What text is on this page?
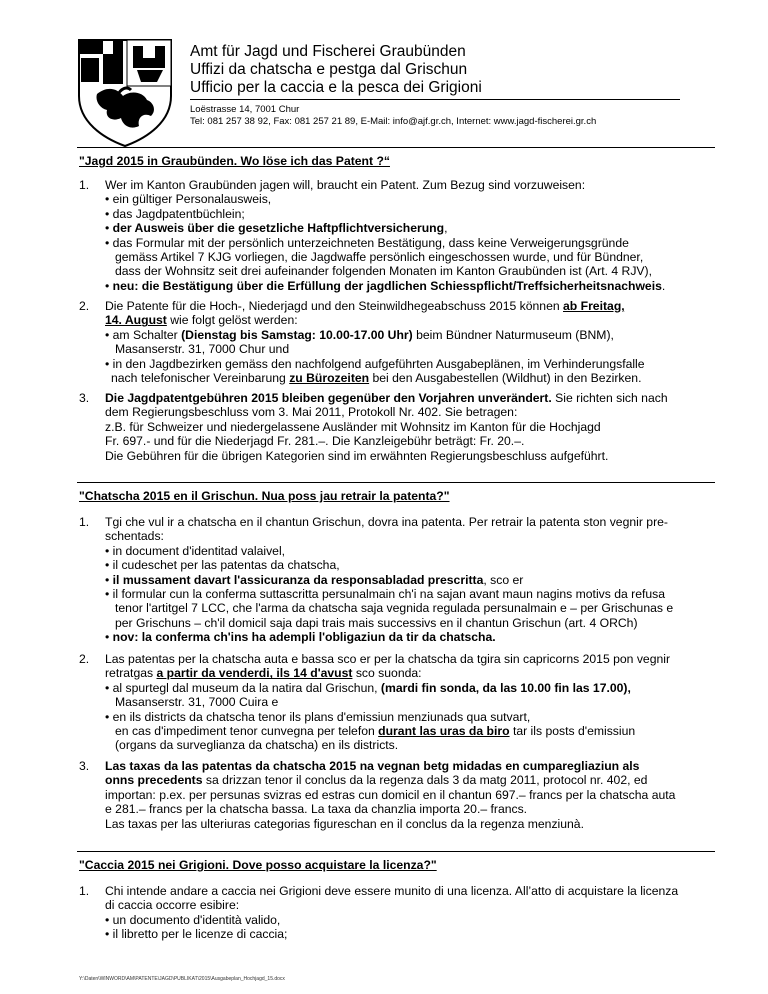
Amt für Jagd und Fischerei Graubünden
Uffizi da chatscha e pestga dal Grischun
Ufficio per la caccia e la pesca dei Grigioni
Loëstrasse 14, 7001 Chur
Tel: 081 257 38 92, Fax: 081 257 21 89, E-Mail: info@ajf.gr.ch, Internet: www.jagd-fischerei.gr.ch
"Jagd 2015 in Graubünden. Wo löse ich das Patent ?“
1. Wer im Kanton Graubünden jagen will, braucht ein Patent. Zum Bezug sind vorzuweisen:
• ein gültiger Personalausweis,
• das Jagdpatentbüchlein;
• der Ausweis über die gesetzliche Haftpflichtversicherung,
• das Formular mit der persönlich unterzeichneten Bestätigung, dass keine Verweigerungsgründe
gemäss Artikel 7 KJG vorliegen, die Jagdwaffe persönlich eingeschossen wurde, und für Bündner,
dass der Wohnsitz seit drei aufeinander folgenden Monaten im Kanton Graubünden ist (Art. 4 RJV),
• neu: die Bestätigung über die Erfüllung der jagdlichen Schiesspflicht/Treffsicherheitsnachweis.
2. Die Patente für die Hoch-, Niederjagd und den Steinwildhegeabschuss 2015 können ab Freitag,
14. August wie folgt gelöst werden:
• am Schalter (Dienstag bis Samstag: 10.00-17.00 Uhr) beim Bündner Naturmuseum (BNM),
Masanserstr. 31, 7000 Chur und
• in den Jagdbezirken gemäss den nachfolgend aufgeführten Ausgabeplänen, im Verhinderungsfalle
nach telefonischer Vereinbarung zu Bürozeiten bei den Ausgabestellen (Wildhut) in den Bezirken.
3. Die Jagdpatentgebühren 2015 bleiben gegenüber den Vorjahren unverändert. Sie richten sich nach
dem Regierungsbeschluss vom 3. Mai 2011, Protokoll Nr. 402. Sie betragen:
z.B. für Schweizer und niedergelassene Ausländer mit Wohnsitz im Kanton für die Hochjagd
Fr. 697.- und für die Niederjagd Fr. 281.–. Die Kanzleigebühr beträgt: Fr. 20.–.
Die Gebühren für die übrigen Kategorien sind im erwähnten Regierungsbeschluss aufgeführt.
"Chatscha 2015 en il Grischun. Nua poss jau retrair la patenta?"
1. Tgi che vul ir a chatscha en il chantun Grischun, dovra ina patenta. Per retrair la patenta ston vegnir pre-
schentads:
• in document d'identitad valaivel,
• il cudeschet per las patentas da chatscha,
• il mussament davart l'assicuranza da responsabladad prescritta, sco er
• il formular cun la conferma suttascritta persunalmain ch'i na sajan avant maun nagins motivs da refusa
tenor l'artitgel 7 LCC, che l'arma da chatscha saja vegnida regulada persunalmain e – per Grischunas e
per Grischuns – ch'il domicil saja dapi trais mais successivs en il chantun Grischun (art. 4 ORCh)
• nov: la conferma ch'ins ha adempli l'obligaziun da tir da chatscha.
2. Las patentas per la chatscha auta e bassa sco er per la chatscha da tgira sin capricorns 2015 pon vegnir
retratgas a partir da venderdi, ils 14 d'avust sco suonda:
• al spurtegl dal museum da la natira dal Grischun, (mardi fin sonda, da las 10.00 fin las 17.00),
Masanserstr. 31, 7000 Cuira e
• en ils districts da chatscha tenor ils plans d'emissiun menziunads qua sutvart,
en cas d'impediment tenor cunvegna per telefon durant las uras da biro tar ils posts d'emissiun
(organs da surveglianza da chatscha) en ils districts.
3. Las taxas da las patentas da chatscha 2015 na vegnan betg midadas en cumparegliaziun als
onns precedents sa drizzan tenor il conclus da la regenza dals 3 da matg 2011, protocol nr. 402, ed
importan: p.ex. per persunas svizras ed estras cun domicil en il chantun 697.– francs per la chatscha auta
e 281.– francs per la chatscha bassa. La taxa da chanzlia importa 20.– francs.
Las taxas per las ulteriuras categorias figureschan en il conclus da la regenza menziunà.
"Caccia 2015 nei Grigioni. Dove posso acquistare la licenza?"
1. Chi intende andare a caccia nei Grigioni deve essere munito di una licenza. All’atto di acquistare la licenza
di caccia occorre esibire:
• un documento d'identità valido,
• il libretto per le licenze di caccia;
Y:\Daten\WINWORD\AM\PATENTE\JAGD\PUBLIKAT\2015\Ausgabeplan_Hochjagd_15.docx
